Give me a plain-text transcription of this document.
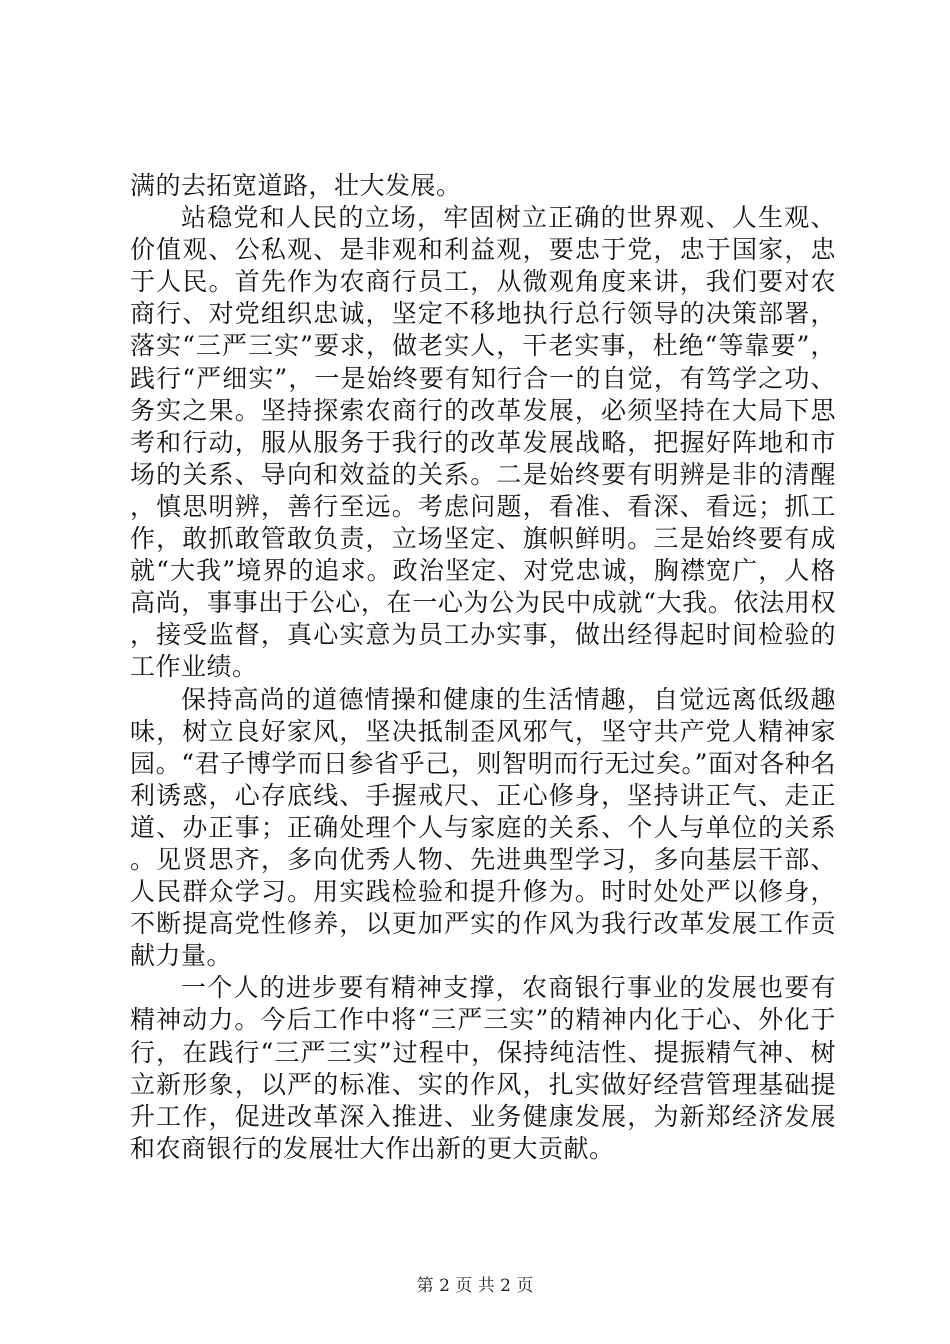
满的去拓宽道路，壮大发展。

站稳党和人民的立场，牢固树立正确的世界观、人生观、价值观、公私观、是非观和利益观，要忠于党，忠于国家，忠于人民。首先作为农商行员工，从微观角度来讲，我们要对农商行、对党组织忠诚，坚定不移地执行总行领导的决策部署，落实“三严三实”要求，做老实人，干老实事，杜绝“等靠要”，践行“严细实”，一是始终要有知行合一的自觉，有笃学之功、务实之果。坚持探索农商行的改革发展，必须坚持在大局下思考和行动，服从服务于我行的改革发展战略，把握好阵地和市场的关系、导向和效益的关系。二是始终要有明辨是非的清醒，慎思明辨，善行至远。考虑问题，看准、看深、看远；抓工作，敢抓敢管敢负责，立场坚定、旗帜鲜明。三是始终要有成就“大我”境界的追求。政治坚定、对党忠诚，胸襟宽广，人格高尚，事事出于公心，在一心为公为民中成就“大我。依法用权，接受监督，真心实意为员工办实事，做出经得起时间检验的工作业绩。

保持高尚的道德情操和健康的生活情趣，自觉远离低级趣味，树立良好家风，坚决抵制歪风邪气，坚守共产党人精神家园。“君子博学而日参省乎己，则智明而行无过矣。”面对各种名利诱惑，心存底线、手握戒尺、正心修身，坚持讲正气、走正道、办正事；正确处理个人与家庭的关系、个人与单位的关系。见贤思齐，多向优秀人物、先进典型学习，多向基层干部、人民群众学习。用实践检验和提升修为。时时处处严以修身，不断提高党性修养，以更加严实的作风为我行改革发展工作贡献力量。

一个人的进步要有精神支撑，农商银行事业的发展也要有精神动力。今后工作中将“三严三实”的精神内化于心、外化于行，在践行“三严三实”过程中，保持纯洁性、提振精气神、树立新形象，以严的标准、实的作风，扎实做好经营管理基础提升工作，促进改革深入推进、业务健康发展，为新郑经济发展和农商银行的发展壮大作出新的更大贡献。

第 2 页 共 2 页
